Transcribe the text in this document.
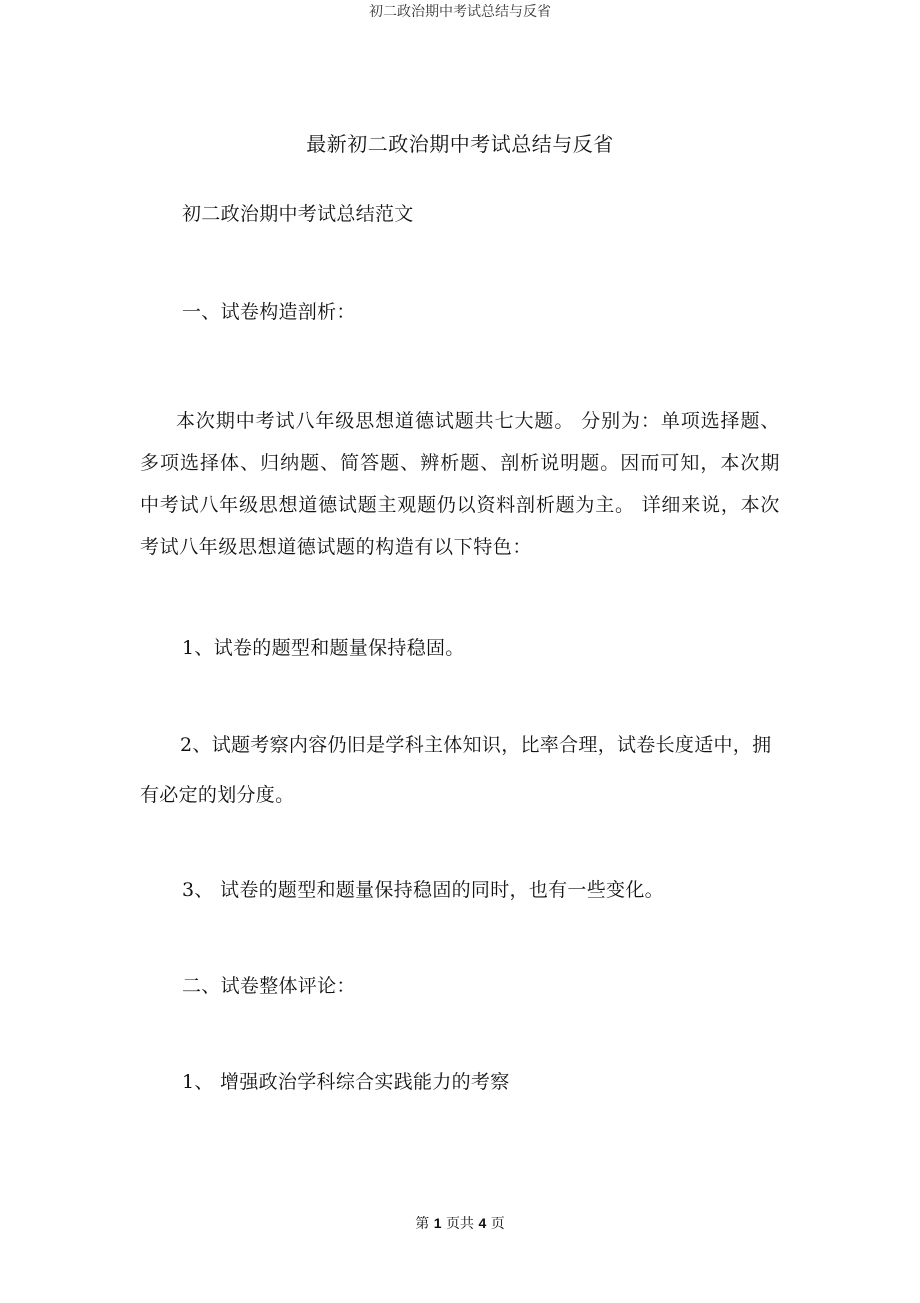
初二政治期中考试总结与反省
最新初二政治期中考试总结与反省
初二政治期中考试总结范文
一、试卷构造剖析：
本次期中考试八年级思想道德试题共七大题。 分别为：单项选择题、多项选择体、归纳题、简答题、辨析题、剖析说明题。因而可知，本次期中考试八年级思想道德试题主观题仍以资料剖析题为主。 详细来说，本次考试八年级思想道德试题的构造有以下特色：
1、试卷的题型和题量保持稳固。
2、试题考察内容仍旧是学科主体知识，比率合理，试卷长度适中，拥有必定的划分度。
3、 试卷的题型和题量保持稳固的同时，也有一些变化。
二、试卷整体评论：
1、 增强政治学科综合实践能力的考察
第 1 页共 4 页
